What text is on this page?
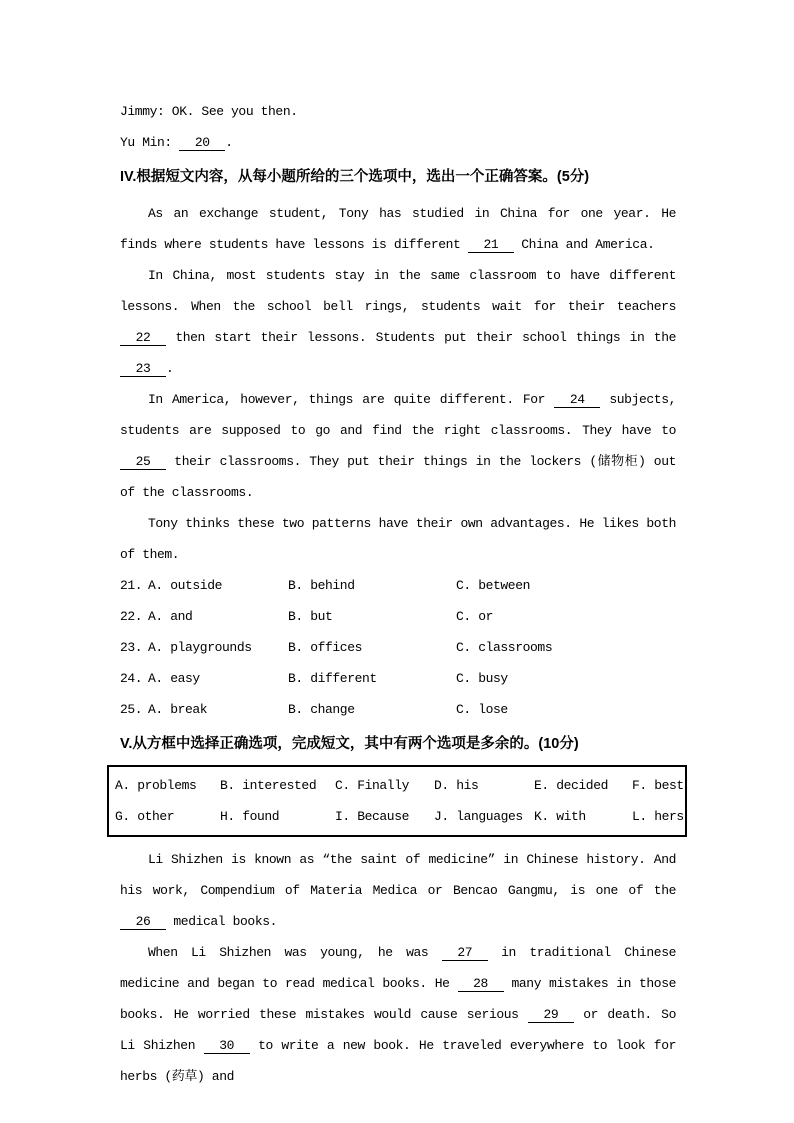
Jimmy: OK. See you then.

Yu Min: 20 .

IV.根据短文内容，从每小题所给的三个选项中，选出一个正确答案。(5分)

As an exchange student, Tony has studied in China for one year. He finds where students have lessons is different 21 China and America.

In China, most students stay in the same classroom to have different lessons. When the school bell rings, students wait for their teachers 22 then start their lessons. Students put their school things in the 23 .

In America, however, things are quite different. For 24 subjects, students are supposed to go and find the right classrooms. They have to 25 their classrooms. They put their things in the lockers (储物柜) out of the classrooms.

Tony thinks these two patterns have their own advantages. He likes both of them.

21. A. outside	B. behind	C. between
22. A. and	B. but	C. or
23. A. playgrounds	B. offices	C. classrooms
24. A. easy	B. different	C. busy
25. A. break	B. change	C. lose
V.从方框中选择正确选项，完成短文，其中有两个选项是多余的。(10分)
A. problems	B. interested	C. Finally	D. his	E. decided	F. best
G. other	H. found	I. Because	J. languages K. with	L. hers

Li Shizhen is known as “the saint of medicine” in Chinese history. And his work, Compendium of Materia Medica or Bencao Gangmu, is one of the 26 medical books.

When Li Shizhen was young, he was 27 in traditional Chinese medicine and began to read medical books. He 28 many mistakes in those books. He worried these mistakes would cause serious 29 or death. So Li Shizhen 30 to write a new book. He traveled everywhere to look for herbs (药草) and
